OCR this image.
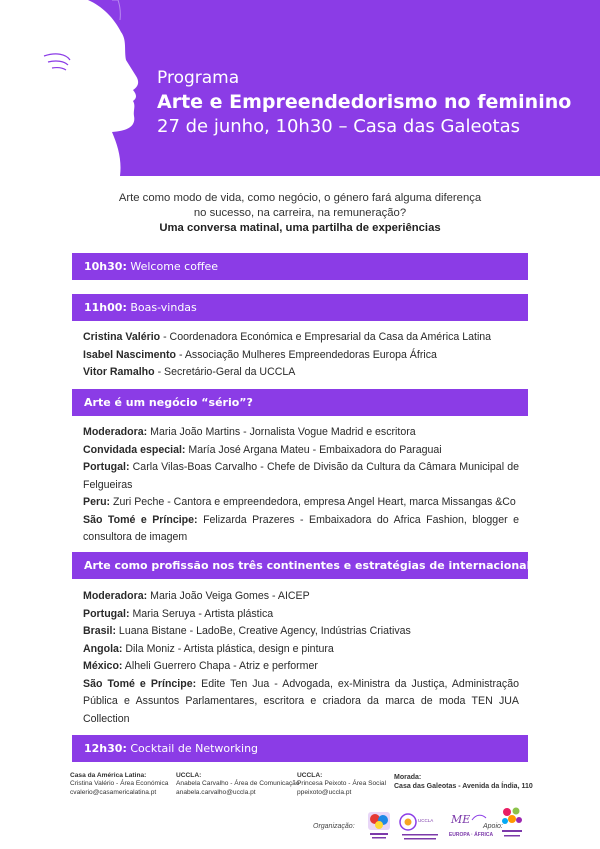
Programa
Arte e Empreendedorismo no feminino
27 de junho, 10h30 – Casa das Galeotas
Arte como modo de vida, como negócio, o género fará alguma diferença
no sucesso, na carreira, na remuneração?
Uma conversa matinal, uma partilha de experiências
10h30: Welcome coffee
11h00: Boas-vindas
Cristina Valério - Coordenadora Económica e Empresarial da Casa da América Latina
Isabel Nascimento - Associação Mulheres Empreendedoras Europa África
Vitor Ramalho - Secretário-Geral da UCCLA
Arte é um negócio “sério”?
Moderadora: Maria João Martins - Jornalista Vogue Madrid e escritora
Convidada especial: María José Argana Mateu - Embaixadora do Paraguai
Portugal: Carla Vilas-Boas Carvalho - Chefe de Divisão da Cultura da Câmara Municipal de Felgueiras
Peru: Zuri Peche - Cantora e empreendedora, empresa Angel Heart, marca Missangas &Co
São Tomé e Príncipe: Felizarda Prazeres - Embaixadora do Africa Fashion, blogger e consultora de imagem
Arte como profissão nos três continentes e estratégias de internacionalizar
Moderadora: Maria João Veiga Gomes - AICEP
Portugal: Maria Seruya - Artista plástica
Brasil: Luana Bistane - LadoBe, Creative Agency, Indústrias Criativas
Angola: Dila Moniz - Artista plástica, design e pintura
México: Alheli Guerrero Chapa - Atriz e performer
São Tomé e Príncipe: Edite Ten Jua - Advogada, ex-Ministra da Justiça, Administração Pública e Assuntos Parlamentares, escritora e criadora da marca de moda TEN JUA Collection
12h30: Cocktail de Networking
Casa da América Latina:
Cristina Valério - Área Económica
cvalerio@casamericalatina.pt
UCCLA:
Anabela Carvalho - Área de Comunicação
anabela.carvalho@uccla.pt
UCCLA:
Princesa Peixoto - Área Social
ppeixoto@uccla.pt
Morada:
Casa das Galeotas - Avenida da Índia, 110
Organização:
UCCLA ME
EUROPA · ÁFRICA
Apoio:
